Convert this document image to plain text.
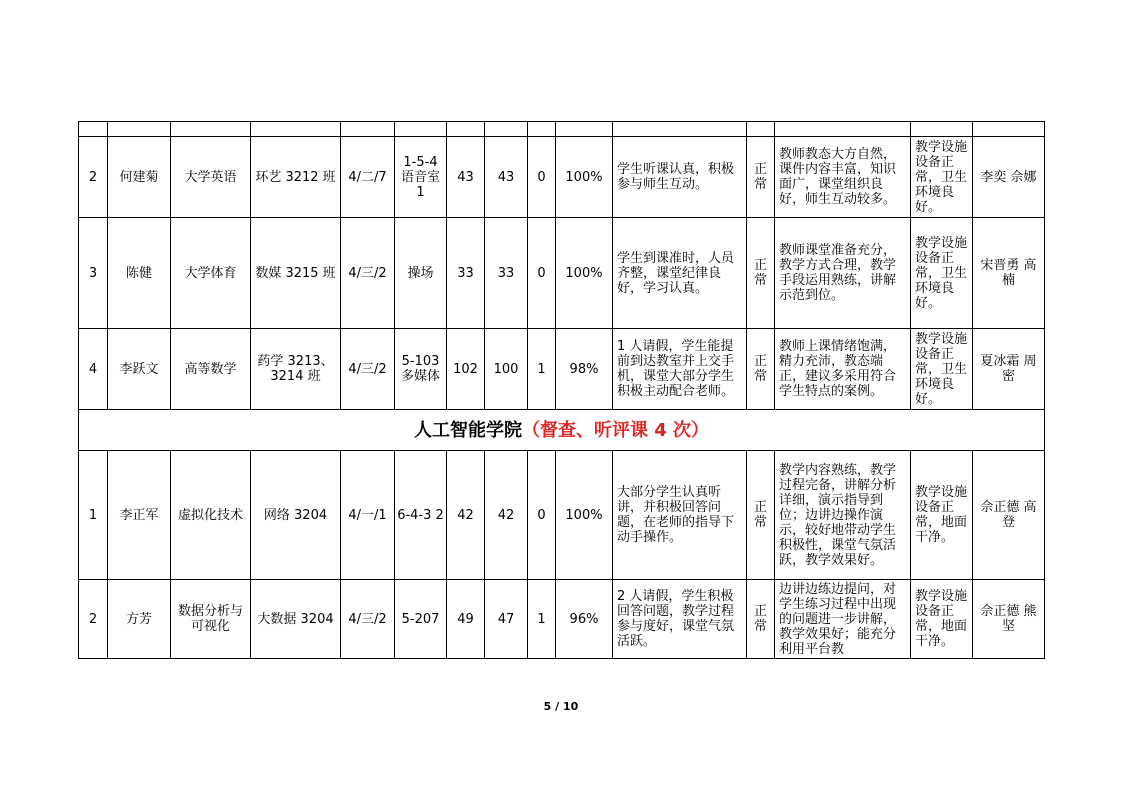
2	何建菊	大学英语	环艺 3212 班	4/二/7	1-5-4 语音室 1	43	43	0	100%	学生听课认真，积极参与师生互动。	正常	教师教态大方自然，课件内容丰富，知识面广，课堂组织良好，师生互动较多。	教学设施设备正常，卫生环境良好。	李奕 佘娜
3	陈健	大学体育	数媒 3215 班	4/三/2	操场	33	33	0	100%	学生到课准时，人员齐整，课堂纪律良好，学习认真。	正常	教师课堂准备充分，教学方式合理，教学手段运用熟练，讲解示范到位。	教学设施设备正常，卫生环境良好。	宋晋勇 高楠
4	李跃文	高等数学	药学 3213、3214 班	4/三/2	5-103 多媒体	102	100	1	98%	1 人请假，学生能提前到达教室并上交手机，课堂大部分学生积极主动配合老师。	正常	教师上课情绪饱满，精力充沛，教态端正，建议多采用符合学生特点的案例。	教学设施设备正常，卫生环境良好。	夏冰霜 周密
人工智能学院（督查、听评课 4 次）														
1	李正军	虚拟化技术	网络 3204	4/一/1	6-4-3 2	42	42	0	100%	大部分学生认真听讲，并积极回答问题，在老师的指导下动手操作。	正常	教学内容熟练，教学过程完备，讲解分析详细，演示指导到位；边讲边操作演示，较好地带动学生积极性，课堂气氛活跃，教学效果好。	教学设施设备正常，地面干净。	佘正德 高登
2	方芳	数据分析与可视化	大数据 3204	4/三/2	5-207	49	47	1	96%	2 人请假，学生积极回答问题，教学过程参与度好，课堂气氛活跃。	正常	边讲边练边提问，对学生练习过程中出现的问题进一步讲解，教学效果好；能充分利用平台教	教学设施设备正常，地面干净。	佘正德 熊坚
5 / 10
